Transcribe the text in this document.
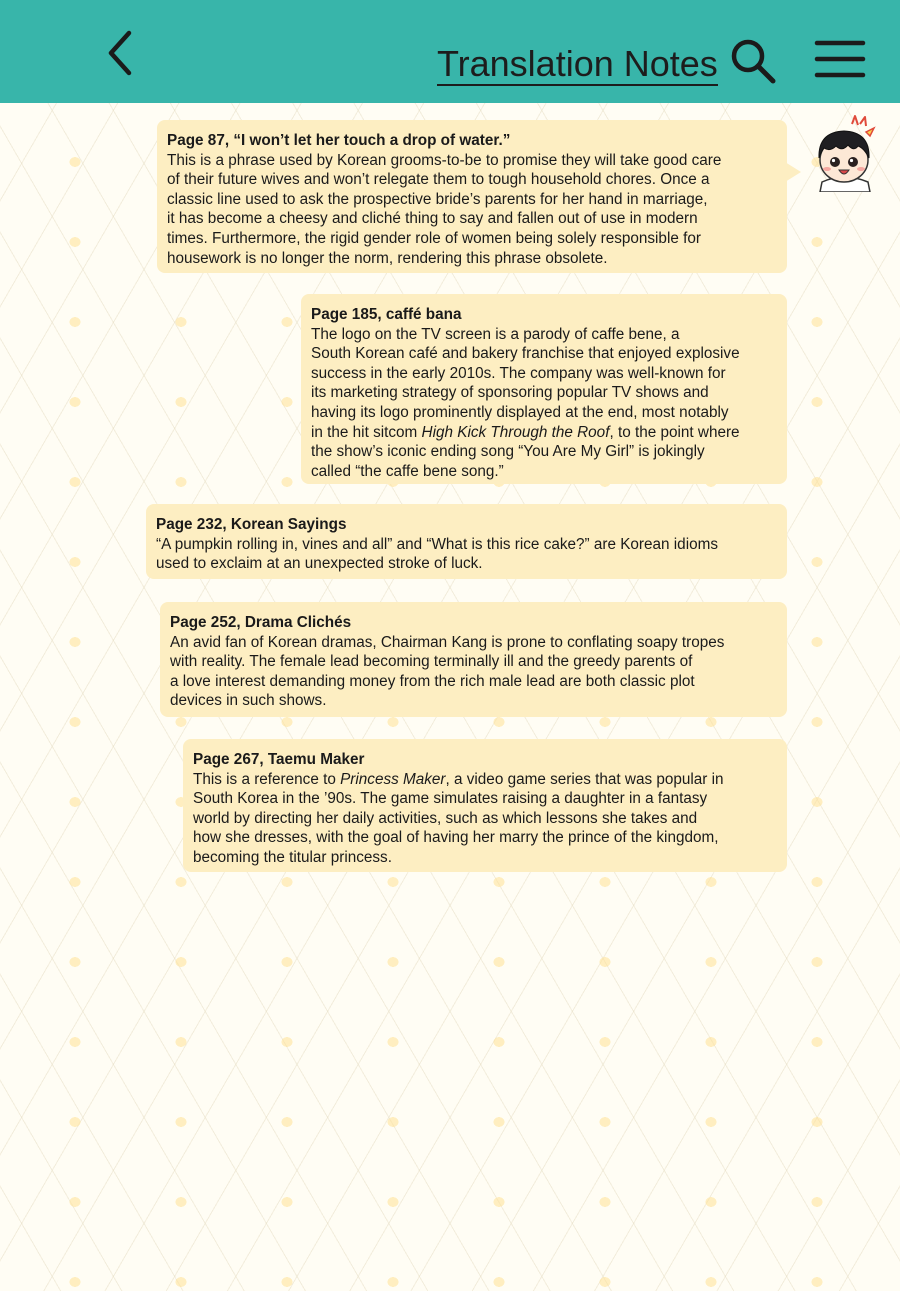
Translation Notes
Page 87, “I won’t let her touch a drop of water.”
This is a phrase used by Korean grooms-to-be to promise they will take good care
of their future wives and won’t relegate them to tough household chores. Once a
classic line used to ask the prospective bride’s parents for her hand in marriage,
it has become a cheesy and cliché thing to say and fallen out of use in modern
times. Furthermore, the rigid gender role of women being solely responsible for
housework is no longer the norm, rendering this phrase obsolete.
Page 185, caffé bana
The logo on the TV screen is a parody of caffe bene, a
South Korean café and bakery franchise that enjoyed explosive
success in the early 2010s. The company was well-known for
its marketing strategy of sponsoring popular TV shows and
having its logo prominently displayed at the end, most notably
in the hit sitcom High Kick Through the Roof, to the point where
the show’s iconic ending song “You Are My Girl” is jokingly
called “the caffe bene song.”
Page 232, Korean Sayings
“A pumpkin rolling in, vines and all” and “What is this rice cake?” are Korean idioms
used to exclaim at an unexpected stroke of luck.
Page 252, Drama Clichés
An avid fan of Korean dramas, Chairman Kang is prone to conflating soapy tropes
with reality. The female lead becoming terminally ill and the greedy parents of
a love interest demanding money from the rich male lead are both classic plot
devices in such shows.
Page 267, Taemu Maker
This is a reference to Princess Maker, a video game series that was popular in
South Korea in the ’90s. The game simulates raising a daughter in a fantasy
world by directing her daily activities, such as which lessons she takes and
how she dresses, with the goal of having her marry the prince of the kingdom,
becoming the titular princess.
